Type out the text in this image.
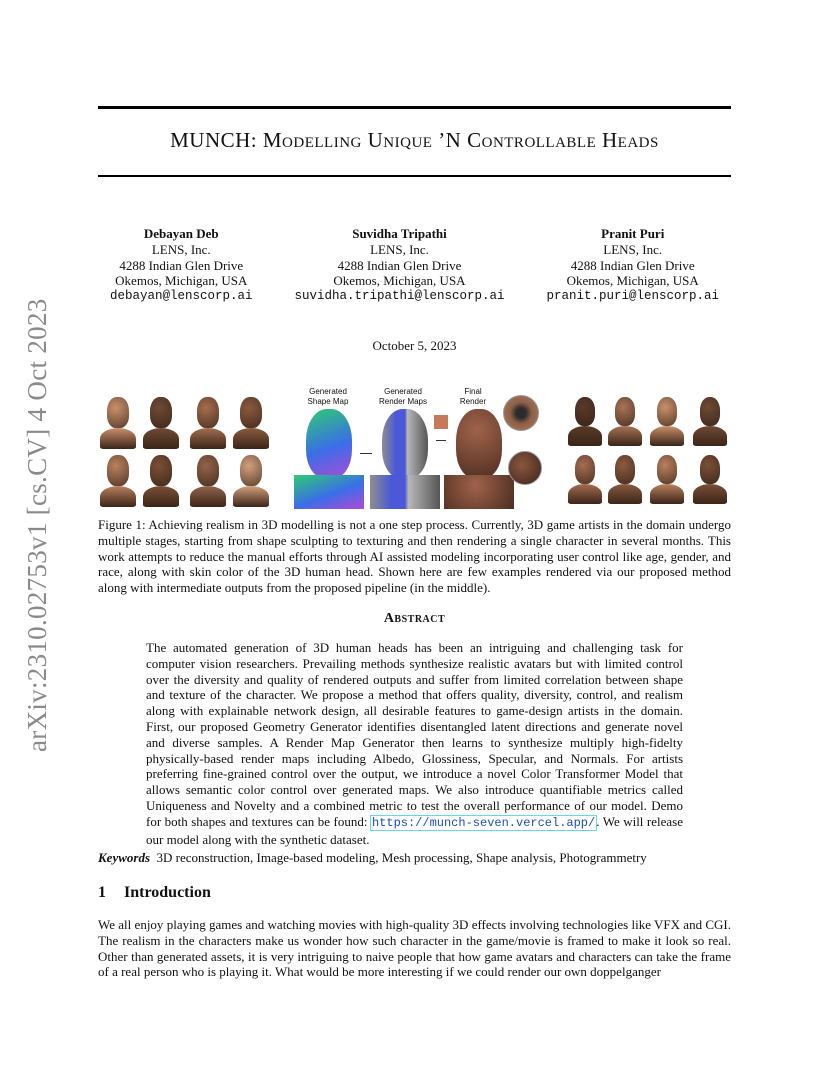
arXiv:2310.02753v1 [cs.CV] 4 Oct 2023
MUNCH: Modelling Unique ’N Controllable Heads
Debayan Deb
LENS, Inc.
4288 Indian Glen Drive
Okemos, Michigan, USA
debayan@lenscorp.ai
Suvidha Tripathi
LENS, Inc.
4288 Indian Glen Drive
Okemos, Michigan, USA
suvidha.tripathi@lenscorp.ai
Pranit Puri
LENS, Inc.
4288 Indian Glen Drive
Okemos, Michigan, USA
pranit.puri@lenscorp.ai
October 5, 2023
Generated
Shape Map
Generated
Render Maps
Final
Render
Figure 1: Achieving realism in 3D modelling is not a one step process. Currently, 3D game artists in the domain undergo multiple stages, starting from shape sculpting to texturing and then rendering a single character in several months. This work attempts to reduce the manual efforts through AI assisted modeling incorporating user control like age, gender, and race, along with skin color of the 3D human head. Shown here are few examples rendered via our proposed method along with intermediate outputs from the proposed pipeline (in the middle).
Abstract
The automated generation of 3D human heads has been an intriguing and challenging task for computer vision researchers. Prevailing methods synthesize realistic avatars but with limited control over the diversity and quality of rendered outputs and suffer from limited correlation between shape and texture of the character. We propose a method that offers quality, diversity, control, and realism along with explainable network design, all desirable features to game-design artists in the domain. First, our proposed Geometry Generator identifies disentangled latent directions and generate novel and diverse samples. A Render Map Generator then learns to synthesize multiply high-fidelty physically-based render maps including Albedo, Glossiness, Specular, and Normals. For artists preferring fine-grained control over the output, we introduce a novel Color Transformer Model that allows semantic color control over generated maps. We also introduce quantifiable metrics called Uniqueness and Novelty and a combined metric to test the overall performance of our model. Demo for both shapes and textures can be found: https://munch-seven.vercel.app/. We will release our model along with the synthetic dataset.
Keywords 3D reconstruction, Image-based modeling, Mesh processing, Shape analysis, Photogrammetry
1 Introduction
We all enjoy playing games and watching movies with high-quality 3D effects involving technologies like VFX and CGI. The realism in the characters make us wonder how such character in the game/movie is framed to make it look so real. Other than generated assets, it is very intriguing to naive people that how game avatars and characters can take the frame of a real person who is playing it. What would be more interesting if we could render our own doppelganger
